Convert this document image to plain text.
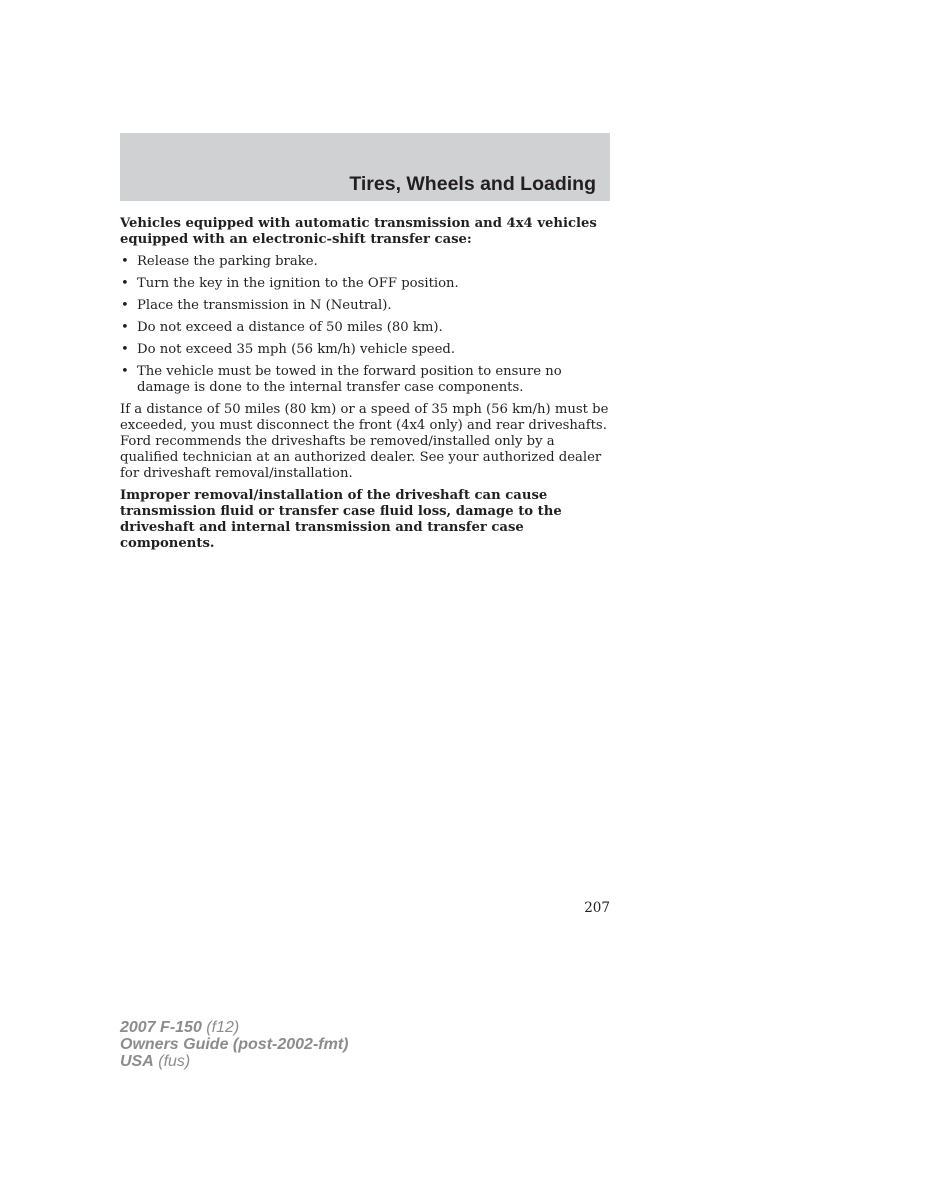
Tires, Wheels and Loading

Vehicles equipped with automatic transmission and 4x4 vehicles equipped with an electronic-shift transfer case:

• Release the parking brake.
• Turn the key in the ignition to the OFF position.
• Place the transmission in N (Neutral).
• Do not exceed a distance of 50 miles (80 km).
• Do not exceed 35 mph (56 km/h) vehicle speed.
• The vehicle must be towed in the forward position to ensure no damage is done to the internal transfer case components.

If a distance of 50 miles (80 km) or a speed of 35 mph (56 km/h) must be exceeded, you must disconnect the front (4x4 only) and rear driveshafts. Ford recommends the driveshafts be removed/installed only by a qualified technician at an authorized dealer. See your authorized dealer for driveshaft removal/installation.

Improper removal/installation of the driveshaft can cause transmission fluid or transfer case fluid loss, damage to the driveshaft and internal transmission and transfer case components.

207
2007 F-150 (f12)
Owners Guide (post-2002-fmt)
USA (fus)
